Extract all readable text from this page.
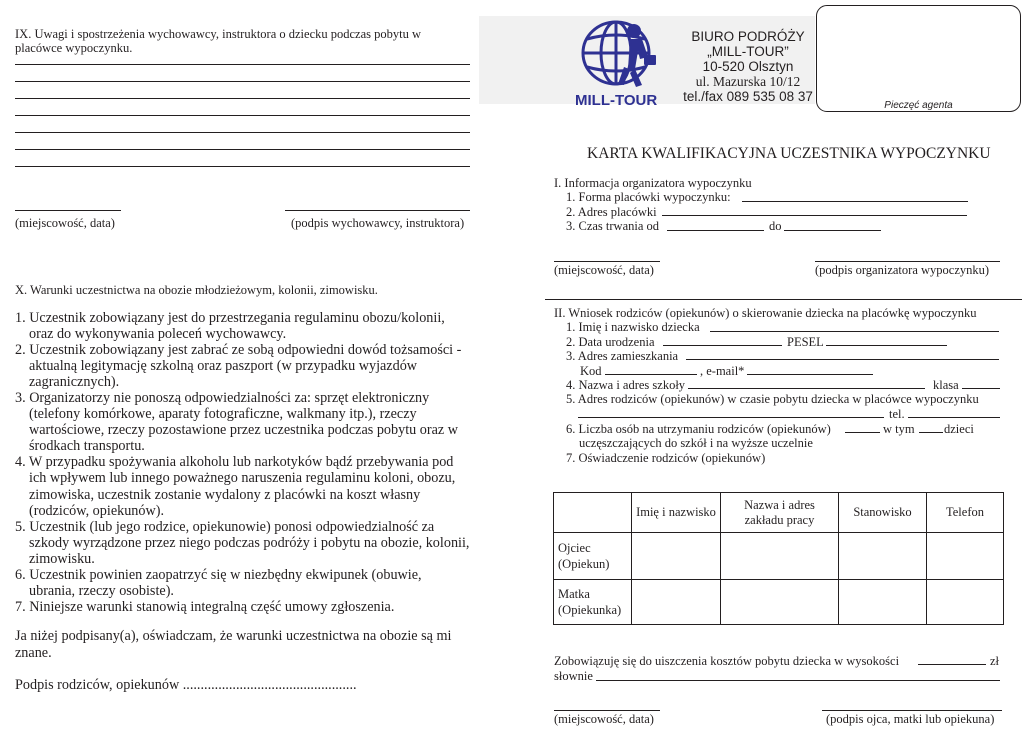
IX. Uwagi i spostrzeżenia wychowawcy, instruktora o dziecku podczas pobytu w placówce wypoczynku.
(miejscowość, data)	(podpis wychowawcy, instruktora)
X. Warunki uczestnictwa na obozie młodzieżowym, kolonii, zimowisku.

1. Uczestnik zobowiązany jest do przestrzegania regulaminu obozu/kolonii, oraz do wykonywania poleceń wychowawcy.

2. Uczestnik zobowiązany jest zabrać ze sobą odpowiedni dowód tożsamości - aktualną legitymację szkolną oraz paszport (w przypadku wyjazdów zagranicznych).

3. Organizatorzy nie ponoszą odpowiedzialności za: sprzęt elektroniczny (telefony komórkowe, aparaty fotograficzne, walkmany itp.), rzeczy wartościowe, rzeczy pozostawione przez uczestnika podczas pobytu oraz w środkach transportu.

4. W przypadku spożywania alkoholu lub narkotyków bądź przebywania pod ich wpływem lub innego poważnego naruszenia regulaminu koloni, obozu, zimowiska, uczestnik zostanie wydalony z placówki na koszt własny (rodziców, opiekunów).

5. Uczestnik (lub jego rodzice, opiekunowie) ponosi odpowiedzialność za szkody wyrządzone przez niego podczas podróży i pobytu na obozie, kolonii, zimowisku.

6. Uczestnik powinien zaopatrzyć się w niezbędny ekwipunek (obuwie, ubrania, rzeczy osobiste).

7. Niniejsze warunki stanowią integralną część umowy zgłoszenia.

Ja niżej podpisany(a), oświadczam, że warunki uczestnictwa na obozie są mi znane.
Podpis rodziców, opiekunów .................................................
MILL-TOUR
BIURO PODRÓŻY
„MILL-TOUR”
10-520 Olsztyn
ul. Mazurska 10/12
tel./fax 089 535 08 37
Pieczęć agenta
KARTA KWALIFIKACYJNA UCZESTNIKA WYPOCZYNKU
I. Informacja organizatora wypoczynku
1. Forma placówki wypoczynku:
2. Adres placówki
3. Czas trwania od	do
(miejscowość, data)	(podpis organizatora wypoczynku)
II. Wniosek rodziców (opiekunów) o skierowanie dziecka na placówkę wypoczynku
1. Imię i nazwisko dziecka
2. Data urodzenia	PESEL
3. Adres zamieszkania
Kod	, e-mail*
4. Nazwa i adres szkoły	klasa
5. Adres rodziców (opiekunów) w czasie pobytu dziecka w placówce wypoczynku
tel.
6. Liczba osób na utrzymaniu rodziców (opiekunów)	w tym dzieci
uczęszczających do szkół i na wyższe uczelnie
7. Oświadczenie rodziców (opiekunów)
	Imię i nazwisko	Nazwa i adres zakładu pracy	Stanowisko	Telefon
Ojciec (Opiekun)				
Matka (Opiekunka)				
Zobowiązuję się do uiszczenia kosztów pobytu dziecka w wysokości	zł
słownie
(miejscowość, data)	(podpis ojca, matki lub opiekuna)
